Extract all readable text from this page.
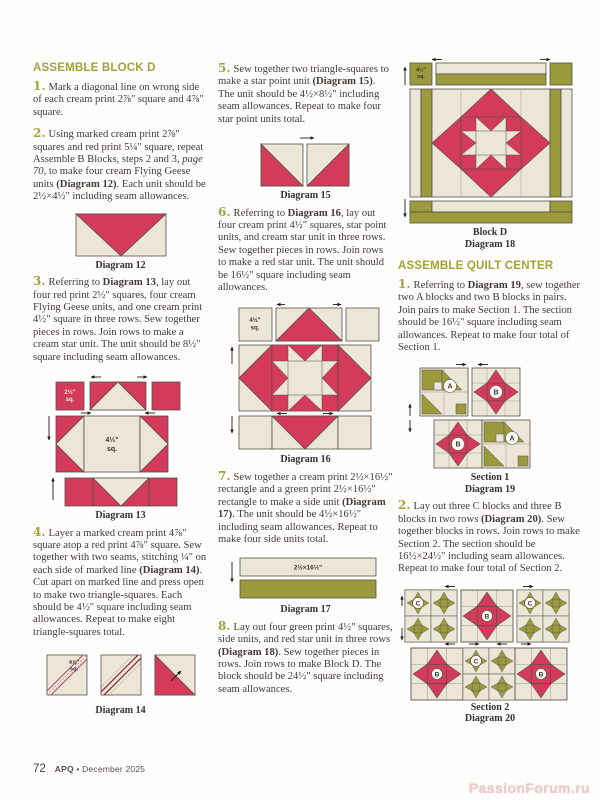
ASSEMBLE BLOCK D

1. Mark a diagonal line on wrong side of each cream print 2⅞" square and 4⅞" square.

2. Using marked cream print 2⅞" squares and red print 5¼" square, repeat Assemble B Blocks, steps 2 and 3, page 70, to make four cream Flying Geese units (Diagram 12). Each unit should be 2½×4½" including seam allowances.

Diagram 12

3. Referring to Diagram 13, lay out four red print 2½" squares, four cream Flying Geese units, and one cream print 4½" square in three rows. Sew together pieces in rows. Join rows to make a cream star unit. The unit should be 8½" square including seam allowances.

2½"
sq.
4½"
sq.
Diagram 13

4. Layer a marked cream print 4⅞" square atop a red print 4⅞" square. Sew together with two seams, stitching ¼" on each side of marked line (Diagram 14). Cut apart on marked line and press open to make two triangle-squares. Each should be 4½" square including seam allowances. Repeat to make eight triangle-squares total.

4⅞"
sq.
Diagram 14

5. Sew together two triangle-squares to make a star point unit (Diagram 15). The unit should be 4½×8½" including seam allowances. Repeat to make four star point units total.

Diagram 15

6. Referring to Diagram 16, lay out four cream print 4½" squares, star point units, and cream star unit in three rows. Sew together pieces in rows. Join rows to make a red star unit. The unit should be 16½" square including seam allowances.

4½"
sq.
Diagram 16

7. Sew together a cream print 2½×16½" rectangle and a green print 2½×16½" rectangle to make a side unit (Diagram 17). The unit should be 4½×16½" including seam allowances. Repeat to make four side units total.

2½×16½"
Diagram 17

8. Lay out four green print 4½" squares, side units, and red star unit in three rows (Diagram 18). Sew together pieces in rows. Join rows to make Block D. The block should be 24½" square including seam allowances.

4½"
sq.
Block D
Diagram 18
ASSEMBLE QUILT CENTER

1. Referring to Diagram 19, sew together two A blocks and two B blocks in pairs. Join pairs to make Section 1. The section should be 16½" square including seam allowances. Repeat to make four total of Section 1.

A
B
B
A
Section 1
Diagram 19

2. Lay out three C blocks and three B blocks in two rows (Diagram 20). Sew together blocks in rows. Join rows to make Section 2. The section should be 16½×24½" including seam allowances. Repeat to make four total of Section 2.

C
B
C
B
C
B
Section 2
Diagram 20
72 APQ • December 2025
PassionForum.ru
